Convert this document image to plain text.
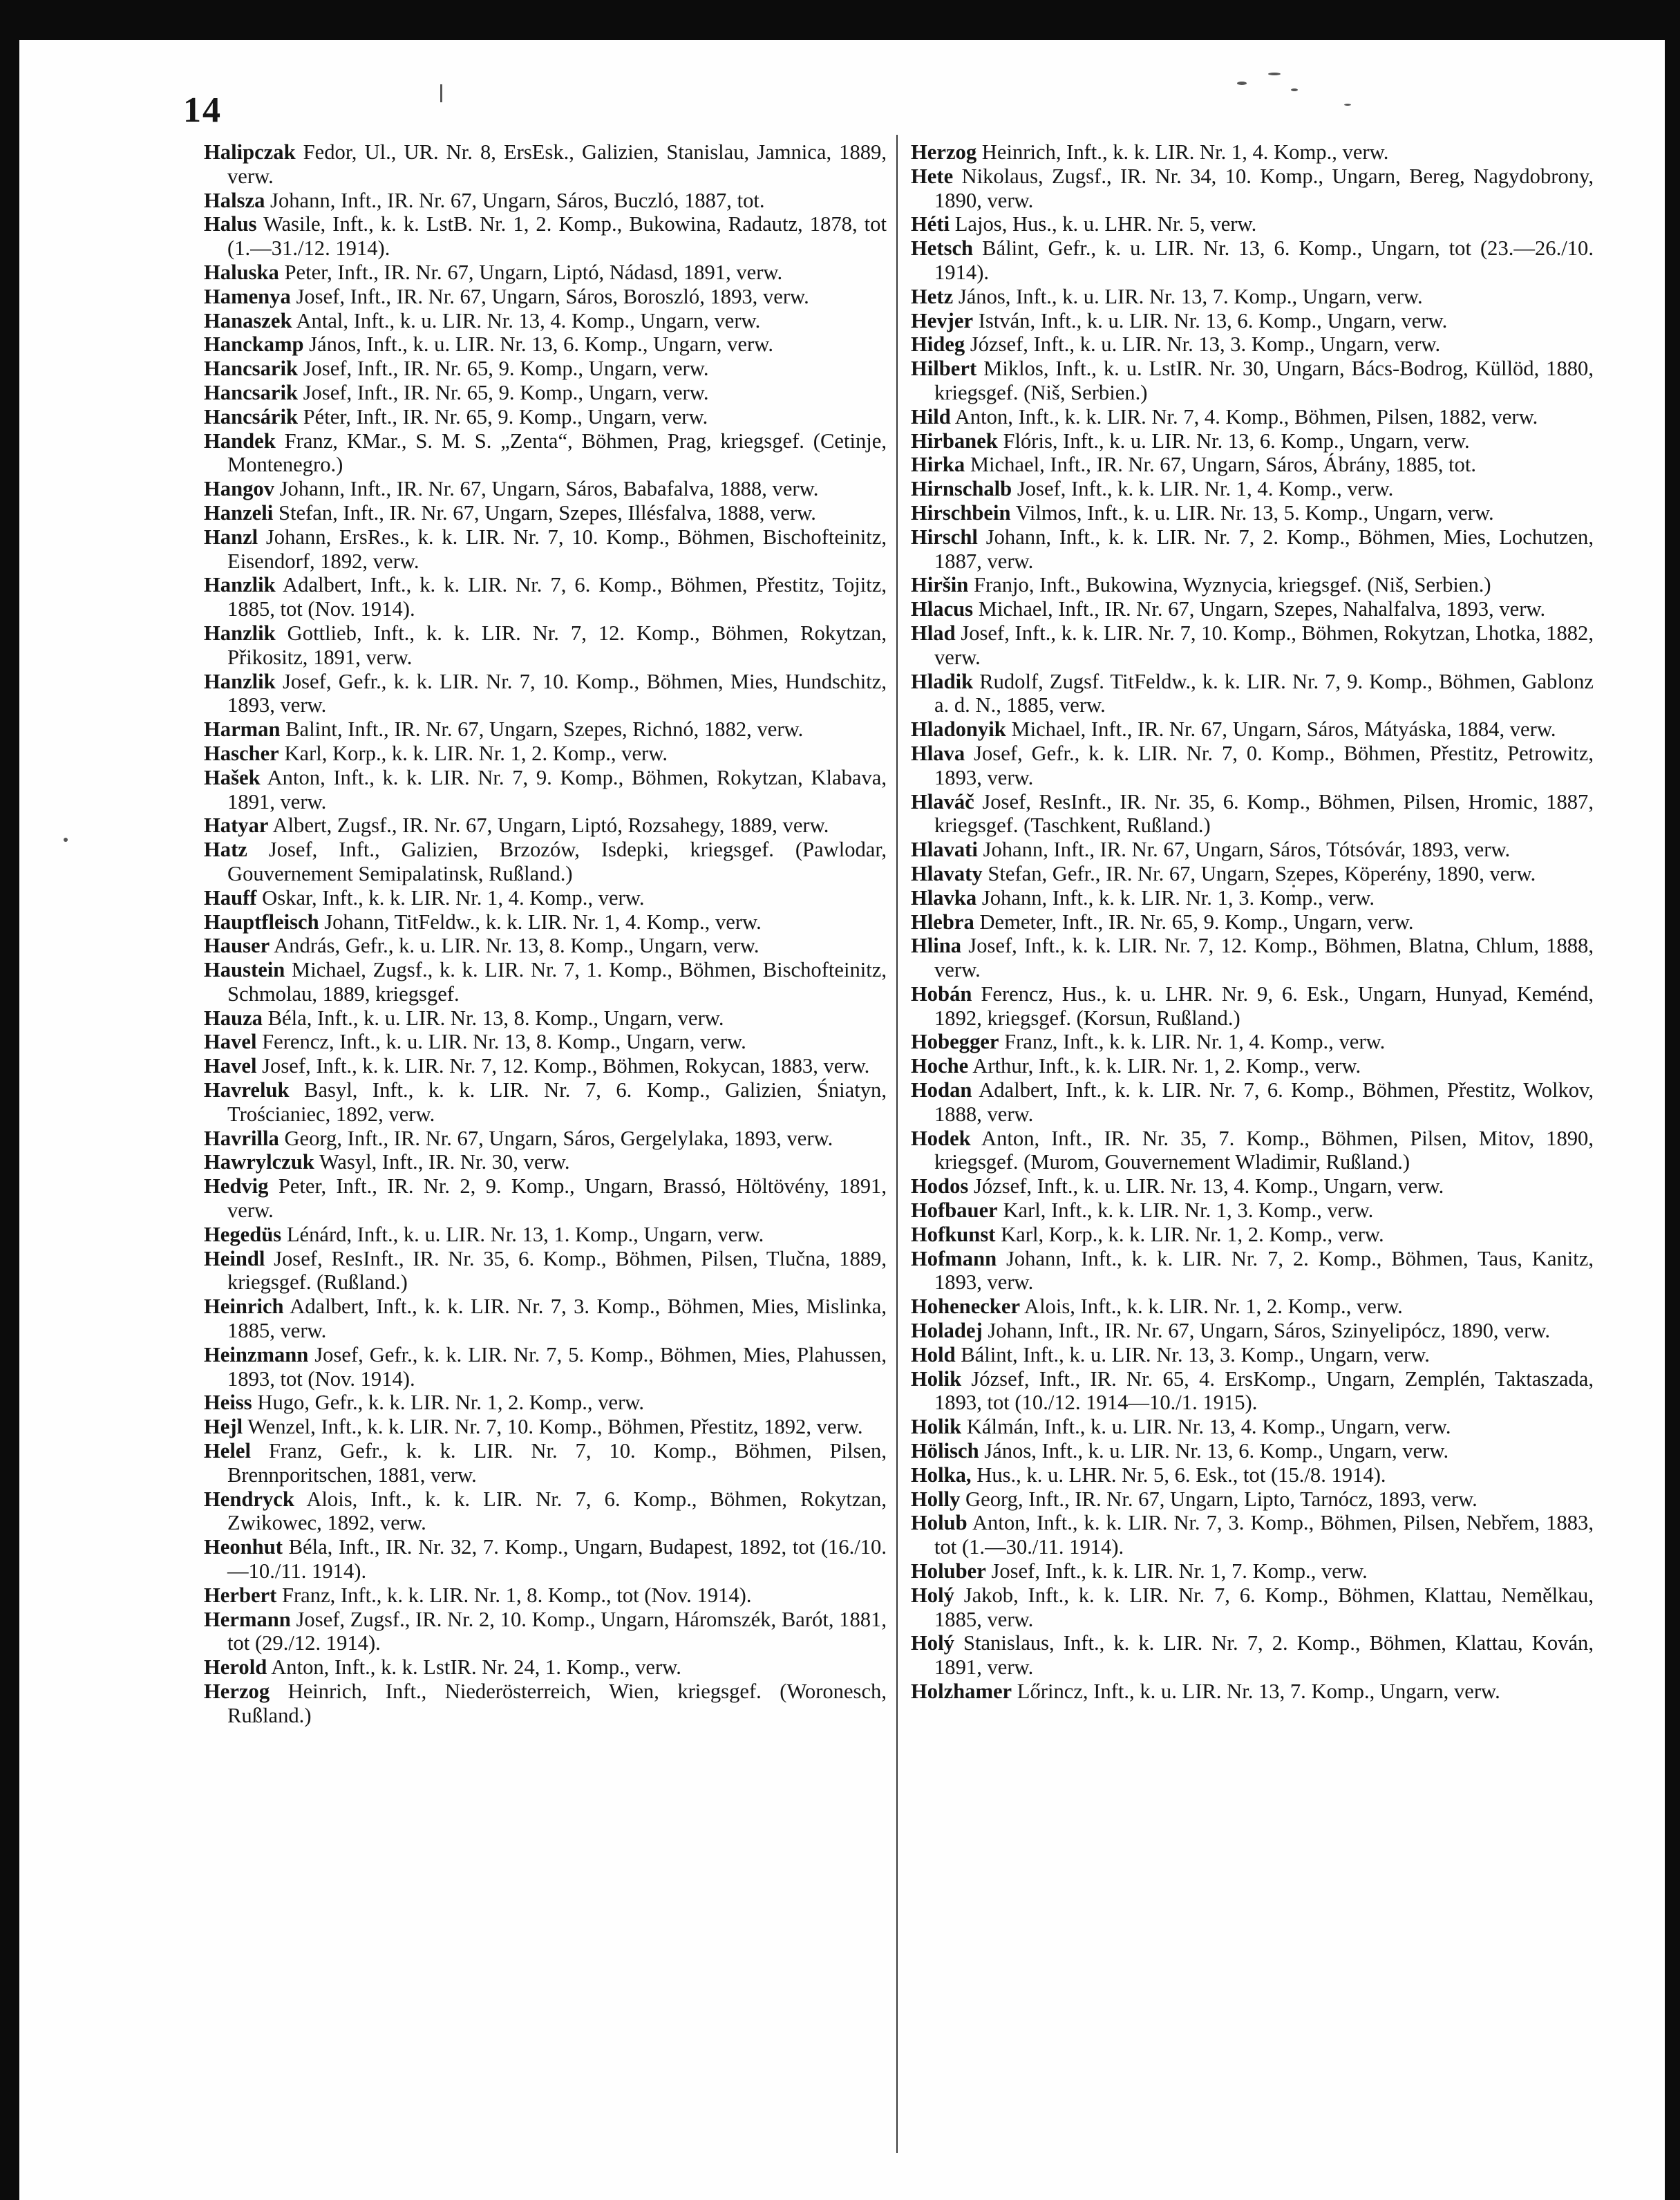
14

Halipczak Fedor, Ul., UR. Nr. 8, ErsEsk., Galizien, Stanislau, Jamnica, 1889, verw.

Halsza Johann, Inft., IR. Nr. 67, Ungarn, Sáros, Buczló, 1887, tot.

Halus Wasile, Inft., k. k. LstB. Nr. 1, 2. Komp., Bukowina, Radautz, 1878, tot (1.—31./12. 1914).

Haluska Peter, Inft., IR. Nr. 67, Ungarn, Liptó, Nádasd, 1891, verw.

Hamenya Josef, Inft., IR. Nr. 67, Ungarn, Sáros, Boroszló, 1893, verw.

Hanaszek Antal, Inft., k. u. LIR. Nr. 13, 4. Komp., Ungarn, verw.

Hanckamp János, Inft., k. u. LIR. Nr. 13, 6. Komp., Ungarn, verw.

Hancsarik Josef, Inft., IR. Nr. 65, 9. Komp., Ungarn, verw.

Hancsarik Josef, Inft., IR. Nr. 65, 9. Komp., Ungarn, verw.

Hancsárik Péter, Inft., IR. Nr. 65, 9. Komp., Ungarn, verw.

Handek Franz, KMar., S. M. S. „Zenta“, Böhmen, Prag, kriegsgef. (Cetinje, Montenegro.)

Hangov Johann, Inft., IR. Nr. 67, Ungarn, Sáros, Babafalva, 1888, verw.

Hanzeli Stefan, Inft., IR. Nr. 67, Ungarn, Szepes, Illésfalva, 1888, verw.

Hanzl Johann, ErsRes., k. k. LIR. Nr. 7, 10. Komp., Böhmen, Bischofteinitz, Eisendorf, 1892, verw.

Hanzlik Adalbert, Inft., k. k. LIR. Nr. 7, 6. Komp., Böhmen, Přestitz, Tojitz, 1885, tot (Nov. 1914).

Hanzlik Gottlieb, Inft., k. k. LIR. Nr. 7, 12. Komp., Böhmen, Rokytzan, Přikositz, 1891, verw.

Hanzlik Josef, Gefr., k. k. LIR. Nr. 7, 10. Komp., Böhmen, Mies, Hundschitz, 1893, verw.

Harman Balint, Inft., IR. Nr. 67, Ungarn, Szepes, Richnó, 1882, verw.

Hascher Karl, Korp., k. k. LIR. Nr. 1, 2. Komp., verw.

Hašek Anton, Inft., k. k. LIR. Nr. 7, 9. Komp., Böhmen, Rokytzan, Klabava, 1891, verw.

Hatyar Albert, Zugsf., IR. Nr. 67, Ungarn, Liptó, Rozsahegy, 1889, verw.

Hatz Josef, Inft., Galizien, Brzozów, Isdepki, kriegsgef. (Pawlodar, Gouvernement Semipalatinsk, Rußland.)

Hauff Oskar, Inft., k. k. LIR. Nr. 1, 4. Komp., verw.

Hauptfleisch Johann, TitFeldw., k. k. LIR. Nr. 1, 4. Komp., verw.

Hauser András, Gefr., k. u. LIR. Nr. 13, 8. Komp., Ungarn, verw.

Haustein Michael, Zugsf., k. k. LIR. Nr. 7, 1. Komp., Böhmen, Bischofteinitz, Schmolau, 1889, kriegsgef.

Hauza Béla, Inft., k. u. LIR. Nr. 13, 8. Komp., Ungarn, verw.

Havel Ferencz, Inft., k. u. LIR. Nr. 13, 8. Komp., Ungarn, verw.

Havel Josef, Inft., k. k. LIR. Nr. 7, 12. Komp., Böhmen, Rokycan, 1883, verw.

Havreluk Basyl, Inft., k. k. LIR. Nr. 7, 6. Komp., Galizien, Śniatyn, Trościaniec, 1892, verw.

Havrilla Georg, Inft., IR. Nr. 67, Ungarn, Sáros, Gergelylaka, 1893, verw.

Hawrylczuk Wasyl, Inft., IR. Nr. 30, verw.

Hedvig Peter, Inft., IR. Nr. 2, 9. Komp., Ungarn, Brassó, Höltövény, 1891, verw.

Hegedüs Lénárd, Inft., k. u. LIR. Nr. 13, 1. Komp., Ungarn, verw.

Heindl Josef, ResInft., IR. Nr. 35, 6. Komp., Böhmen, Pilsen, Tlučna, 1889, kriegsgef. (Rußland.)

Heinrich Adalbert, Inft., k. k. LIR. Nr. 7, 3. Komp., Böhmen, Mies, Mislinka, 1885, verw.

Heinzmann Josef, Gefr., k. k. LIR. Nr. 7, 5. Komp., Böhmen, Mies, Plahussen, 1893, tot (Nov. 1914).

Heiss Hugo, Gefr., k. k. LIR. Nr. 1, 2. Komp., verw.

Hejl Wenzel, Inft., k. k. LIR. Nr. 7, 10. Komp., Böhmen, Přestitz, 1892, verw.

Helel Franz, Gefr., k. k. LIR. Nr. 7, 10. Komp., Böhmen, Pilsen, Brennporitschen, 1881, verw.

Hendryck Alois, Inft., k. k. LIR. Nr. 7, 6. Komp., Böhmen, Rokytzan, Zwikowec, 1892, verw.

Heonhut Béla, Inft., IR. Nr. 32, 7. Komp., Ungarn, Budapest, 1892, tot (16./10.—10./11. 1914).

Herbert Franz, Inft., k. k. LIR. Nr. 1, 8. Komp., tot (Nov. 1914).

Hermann Josef, Zugsf., IR. Nr. 2, 10. Komp., Ungarn, Háromszék, Barót, 1881, tot (29./12. 1914).

Herold Anton, Inft., k. k. LstIR. Nr. 24, 1. Komp., verw.

Herzog Heinrich, Inft., Niederösterreich, Wien, kriegsgef. (Woronesch, Rußland.)

Herzog Heinrich, Inft., k. k. LIR. Nr. 1, 4. Komp., verw.

Hete Nikolaus, Zugsf., IR. Nr. 34, 10. Komp., Ungarn, Bereg, Nagydobrony, 1890, verw.

Héti Lajos, Hus., k. u. LHR. Nr. 5, verw.

Hetsch Bálint, Gefr., k. u. LIR. Nr. 13, 6. Komp., Ungarn, tot (23.—26./10. 1914).

Hetz János, Inft., k. u. LIR. Nr. 13, 7. Komp., Ungarn, verw.

Hevjer István, Inft., k. u. LIR. Nr. 13, 6. Komp., Ungarn, verw.

Hideg József, Inft., k. u. LIR. Nr. 13, 3. Komp., Ungarn, verw.

Hilbert Miklos, Inft., k. u. LstIR. Nr. 30, Ungarn, Bács-Bodrog, Küllöd, 1880, kriegsgef. (Niš, Serbien.)

Hild Anton, Inft., k. k. LIR. Nr. 7, 4. Komp., Böhmen, Pilsen, 1882, verw.

Hirbanek Flóris, Inft., k. u. LIR. Nr. 13, 6. Komp., Ungarn, verw.

Hirka Michael, Inft., IR. Nr. 67, Ungarn, Sáros, Ábrány, 1885, tot.

Hirnschalb Josef, Inft., k. k. LIR. Nr. 1, 4. Komp., verw.

Hirschbein Vilmos, Inft., k. u. LIR. Nr. 13, 5. Komp., Ungarn, verw.

Hirschl Johann, Inft., k. k. LIR. Nr. 7, 2. Komp., Böhmen, Mies, Lochutzen, 1887, verw.

Hiršin Franjo, Inft., Bukowina, Wyznycia, kriegsgef. (Niš, Serbien.)

Hlacus Michael, Inft., IR. Nr. 67, Ungarn, Szepes, Nahalfalva, 1893, verw.

Hlad Josef, Inft., k. k. LIR. Nr. 7, 10. Komp., Böhmen, Rokytzan, Lhotka, 1882, verw.

Hladik Rudolf, Zugsf. TitFeldw., k. k. LIR. Nr. 7, 9. Komp., Böhmen, Gablonz a. d. N., 1885, verw.

Hladonyik Michael, Inft., IR. Nr. 67, Ungarn, Sáros, Mátyáska, 1884, verw.

Hlava Josef, Gefr., k. k. LIR. Nr. 7, 0. Komp., Böhmen, Přestitz, Petrowitz, 1893, verw.

Hlaváč Josef, ResInft., IR. Nr. 35, 6. Komp., Böhmen, Pilsen, Hromic, 1887, kriegsgef. (Taschkent, Rußland.)

Hlavati Johann, Inft., IR. Nr. 67, Ungarn, Sáros, Tótsóvár, 1893, verw.

Hlavaty Stefan, Gefr., IR. Nr. 67, Ungarn, Szepes, Köperény, 1890, verw.

Hlavka Johann, Inft., k. k. LIR. Nr. 1, 3. Komp., verw.

Hlebra Demeter, Inft., IR. Nr. 65, 9. Komp., Ungarn, verw.

Hlina Josef, Inft., k. k. LIR. Nr. 7, 12. Komp., Böhmen, Blatna, Chlum, 1888, verw.

Hobán Ferencz, Hus., k. u. LHR. Nr. 9, 6. Esk., Ungarn, Hunyad, Keménd, 1892, kriegsgef. (Korsun, Rußland.)

Hobegger Franz, Inft., k. k. LIR. Nr. 1, 4. Komp., verw.

Hoche Arthur, Inft., k. k. LIR. Nr. 1, 2. Komp., verw.

Hodan Adalbert, Inft., k. k. LIR. Nr. 7, 6. Komp., Böhmen, Přestitz, Wolkov, 1888, verw.

Hodek Anton, Inft., IR. Nr. 35, 7. Komp., Böhmen, Pilsen, Mitov, 1890, kriegsgef. (Murom, Gouvernement Wladimir, Rußland.)

Hodos József, Inft., k. u. LIR. Nr. 13, 4. Komp., Ungarn, verw.

Hofbauer Karl, Inft., k. k. LIR. Nr. 1, 3. Komp., verw.

Hofkunst Karl, Korp., k. k. LIR. Nr. 1, 2. Komp., verw.

Hofmann Johann, Inft., k. k. LIR. Nr. 7, 2. Komp., Böhmen, Taus, Kanitz, 1893, verw.

Hohenecker Alois, Inft., k. k. LIR. Nr. 1, 2. Komp., verw.

Holadej Johann, Inft., IR. Nr. 67, Ungarn, Sáros, Szinyelipócz, 1890, verw.

Hold Bálint, Inft., k. u. LIR. Nr. 13, 3. Komp., Ungarn, verw.

Holik József, Inft., IR. Nr. 65, 4. ErsKomp., Ungarn, Zemplén, Taktaszada, 1893, tot (10./12. 1914—10./1. 1915).

Holik Kálmán, Inft., k. u. LIR. Nr. 13, 4. Komp., Ungarn, verw.

Hölisch János, Inft., k. u. LIR. Nr. 13, 6. Komp., Ungarn, verw.

Holka, Hus., k. u. LHR. Nr. 5, 6. Esk., tot (15./8. 1914).

Holly Georg, Inft., IR. Nr. 67, Ungarn, Lipto, Tarnócz, 1893, verw.

Holub Anton, Inft., k. k. LIR. Nr. 7, 3. Komp., Böhmen, Pilsen, Nebřem, 1883, tot (1.—30./11. 1914).

Holuber Josef, Inft., k. k. LIR. Nr. 1, 7. Komp., verw.

Holý Jakob, Inft., k. k. LIR. Nr. 7, 6. Komp., Böhmen, Klattau, Nemělkau, 1885, verw.

Holý Stanislaus, Inft., k. k. LIR. Nr. 7, 2. Komp., Böhmen, Klattau, Kován, 1891, verw.

Holzhamer Lőrincz, Inft., k. u. LIR. Nr. 13, 7. Komp., Ungarn, verw.
